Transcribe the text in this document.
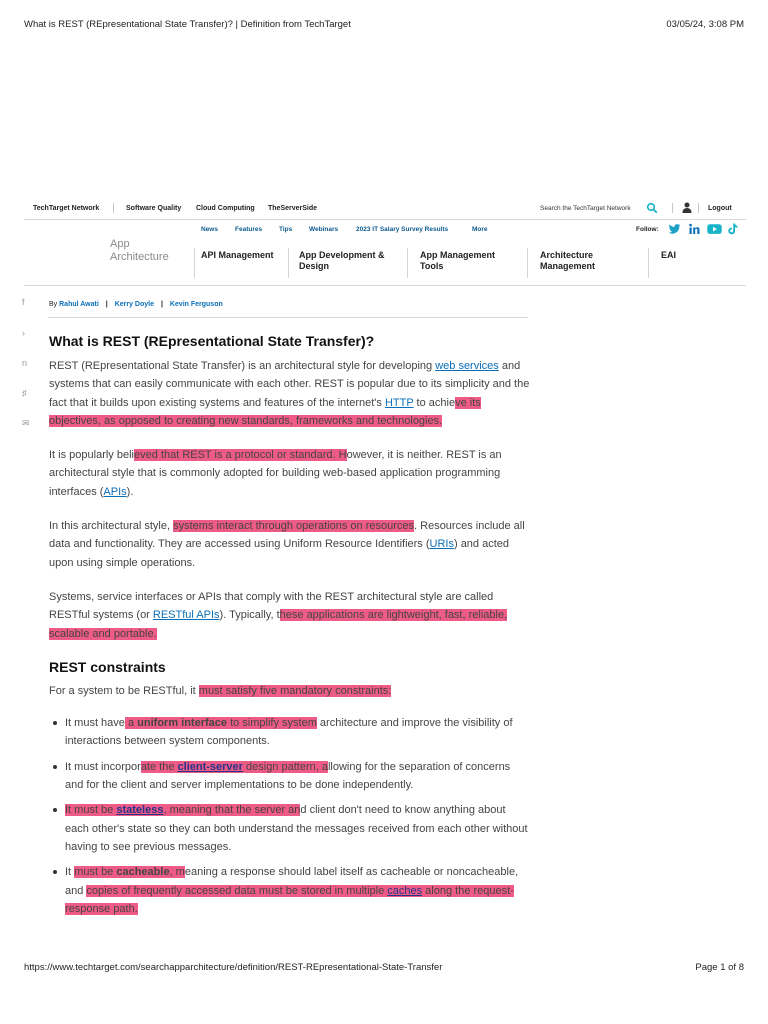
What is REST (REpresentational State Transfer)? | Definition from TechTarget	03/05/24, 3:08 PM
TechTarget Network	Software Quality Cloud Computing TheServerSide	Search the TechTarget Network	Logout
News	Features	Tips	Webinars	2023 IT Salary Survey Results	More	Follow:
App Architecture	API Management	App Development & Design
App Management Tools
Architecture Management
EAI
f
›
n
♯
✉
By Rahul Awati | Kerry Doyle | Kevin Ferguson
What is REST (REpresentational State Transfer)?

REST (REpresentational State Transfer) is an architectural style for developing web services and systems that can easily communicate with each other. REST is popular due to its simplicity and the fact that it builds upon existing systems and features of the internet's HTTP to achieve its objectives, as opposed to creating new standards, frameworks and technologies.

It is popularly believed that REST is a protocol or standard. However, it is neither. REST is an architectural style that is commonly adopted for building web-based application programming interfaces (APIs).

In this architectural style, systems interact through operations on resources. Resources include all data and functionality. They are accessed using Uniform Resource Identifiers (URIs) and acted upon using simple operations.

Systems, service interfaces or APIs that comply with the REST architectural style are called RESTful systems (or RESTful APIs). Typically, these applications are lightweight, fast, reliable, scalable and portable.

REST constraints

For a system to be RESTful, it must satisfy five mandatory constraints:

It must have a uniform interface to simplify system architecture and improve the visibility of interactions between system components.
It must incorporate the client-server design pattern, allowing for the separation of concerns and for the client and server implementations to be done independently.
It must be stateless, meaning that the server and client don't need to know anything about each other's state so they can both understand the messages received from each other without having to see previous messages.
It must be cacheable, meaning a response should label itself as cacheable or noncacheable, and copies of frequently accessed data must be stored in multiple caches along the request-response path.
https://www.techtarget.com/searchapparchitecture/definition/REST-REpresentational-State-Transfer	Page 1 of 8
